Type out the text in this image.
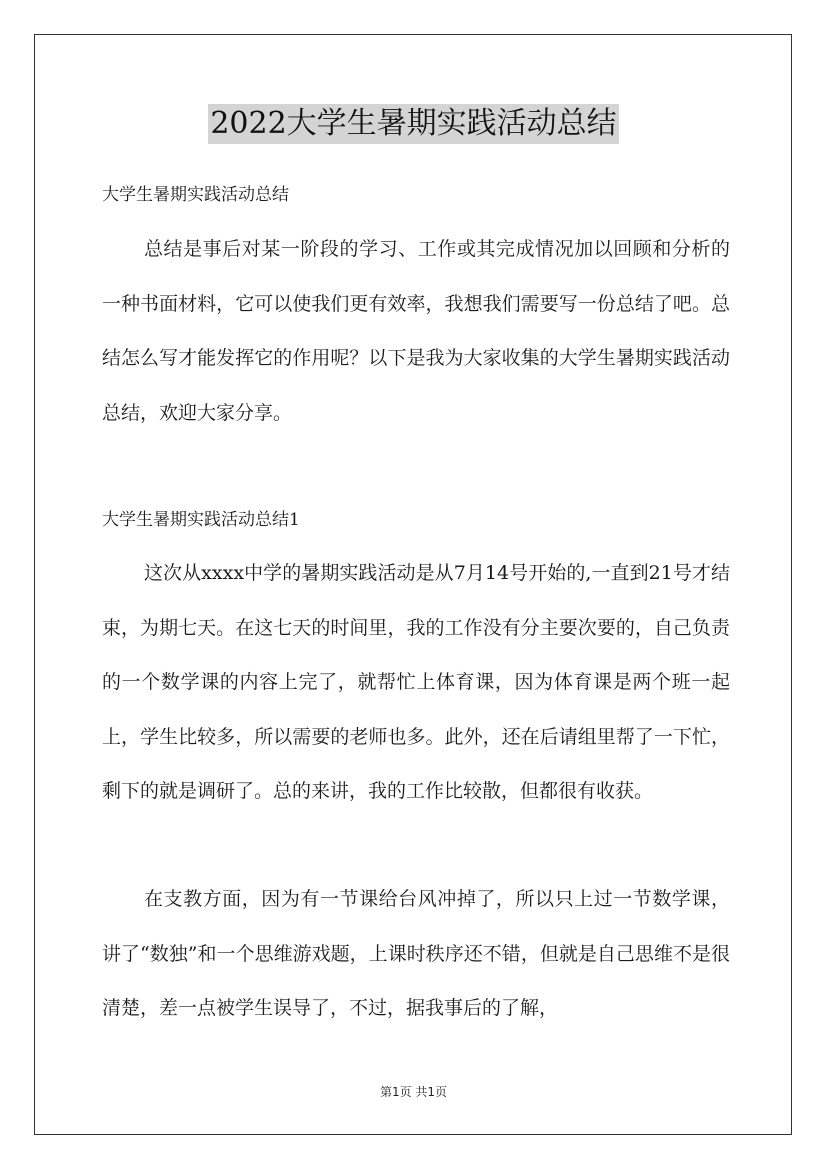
2022大学生暑期实践活动总结
大学生暑期实践活动总结
总结是事后对某一阶段的学习、工作或其完成情况加以回顾和分析的一种书面材料，它可以使我们更有效率，我想我们需要写一份总结了吧。总结怎么写才能发挥它的作用呢？以下是我为大家收集的大学生暑期实践活动总结，欢迎大家分享。
大学生暑期实践活动总结1
这次从xxxx中学的暑期实践活动是从7月14号开始的,一直到21号才结束，为期七天。在这七天的时间里，我的工作没有分主要次要的，自己负责的一个数学课的内容上完了，就帮忙上体育课，因为体育课是两个班一起上，学生比较多，所以需要的老师也多。此外，还在后请组里帮了一下忙，剩下的就是调研了。总的来讲，我的工作比较散，但都很有收获。
在支教方面，因为有一节课给台风冲掉了，所以只上过一节数学课，讲了“数独”和一个思维游戏题，上课时秩序还不错，但就是自己思维不是很清楚，差一点被学生误导了，不过，据我事后的了解，
第1页 共1页
